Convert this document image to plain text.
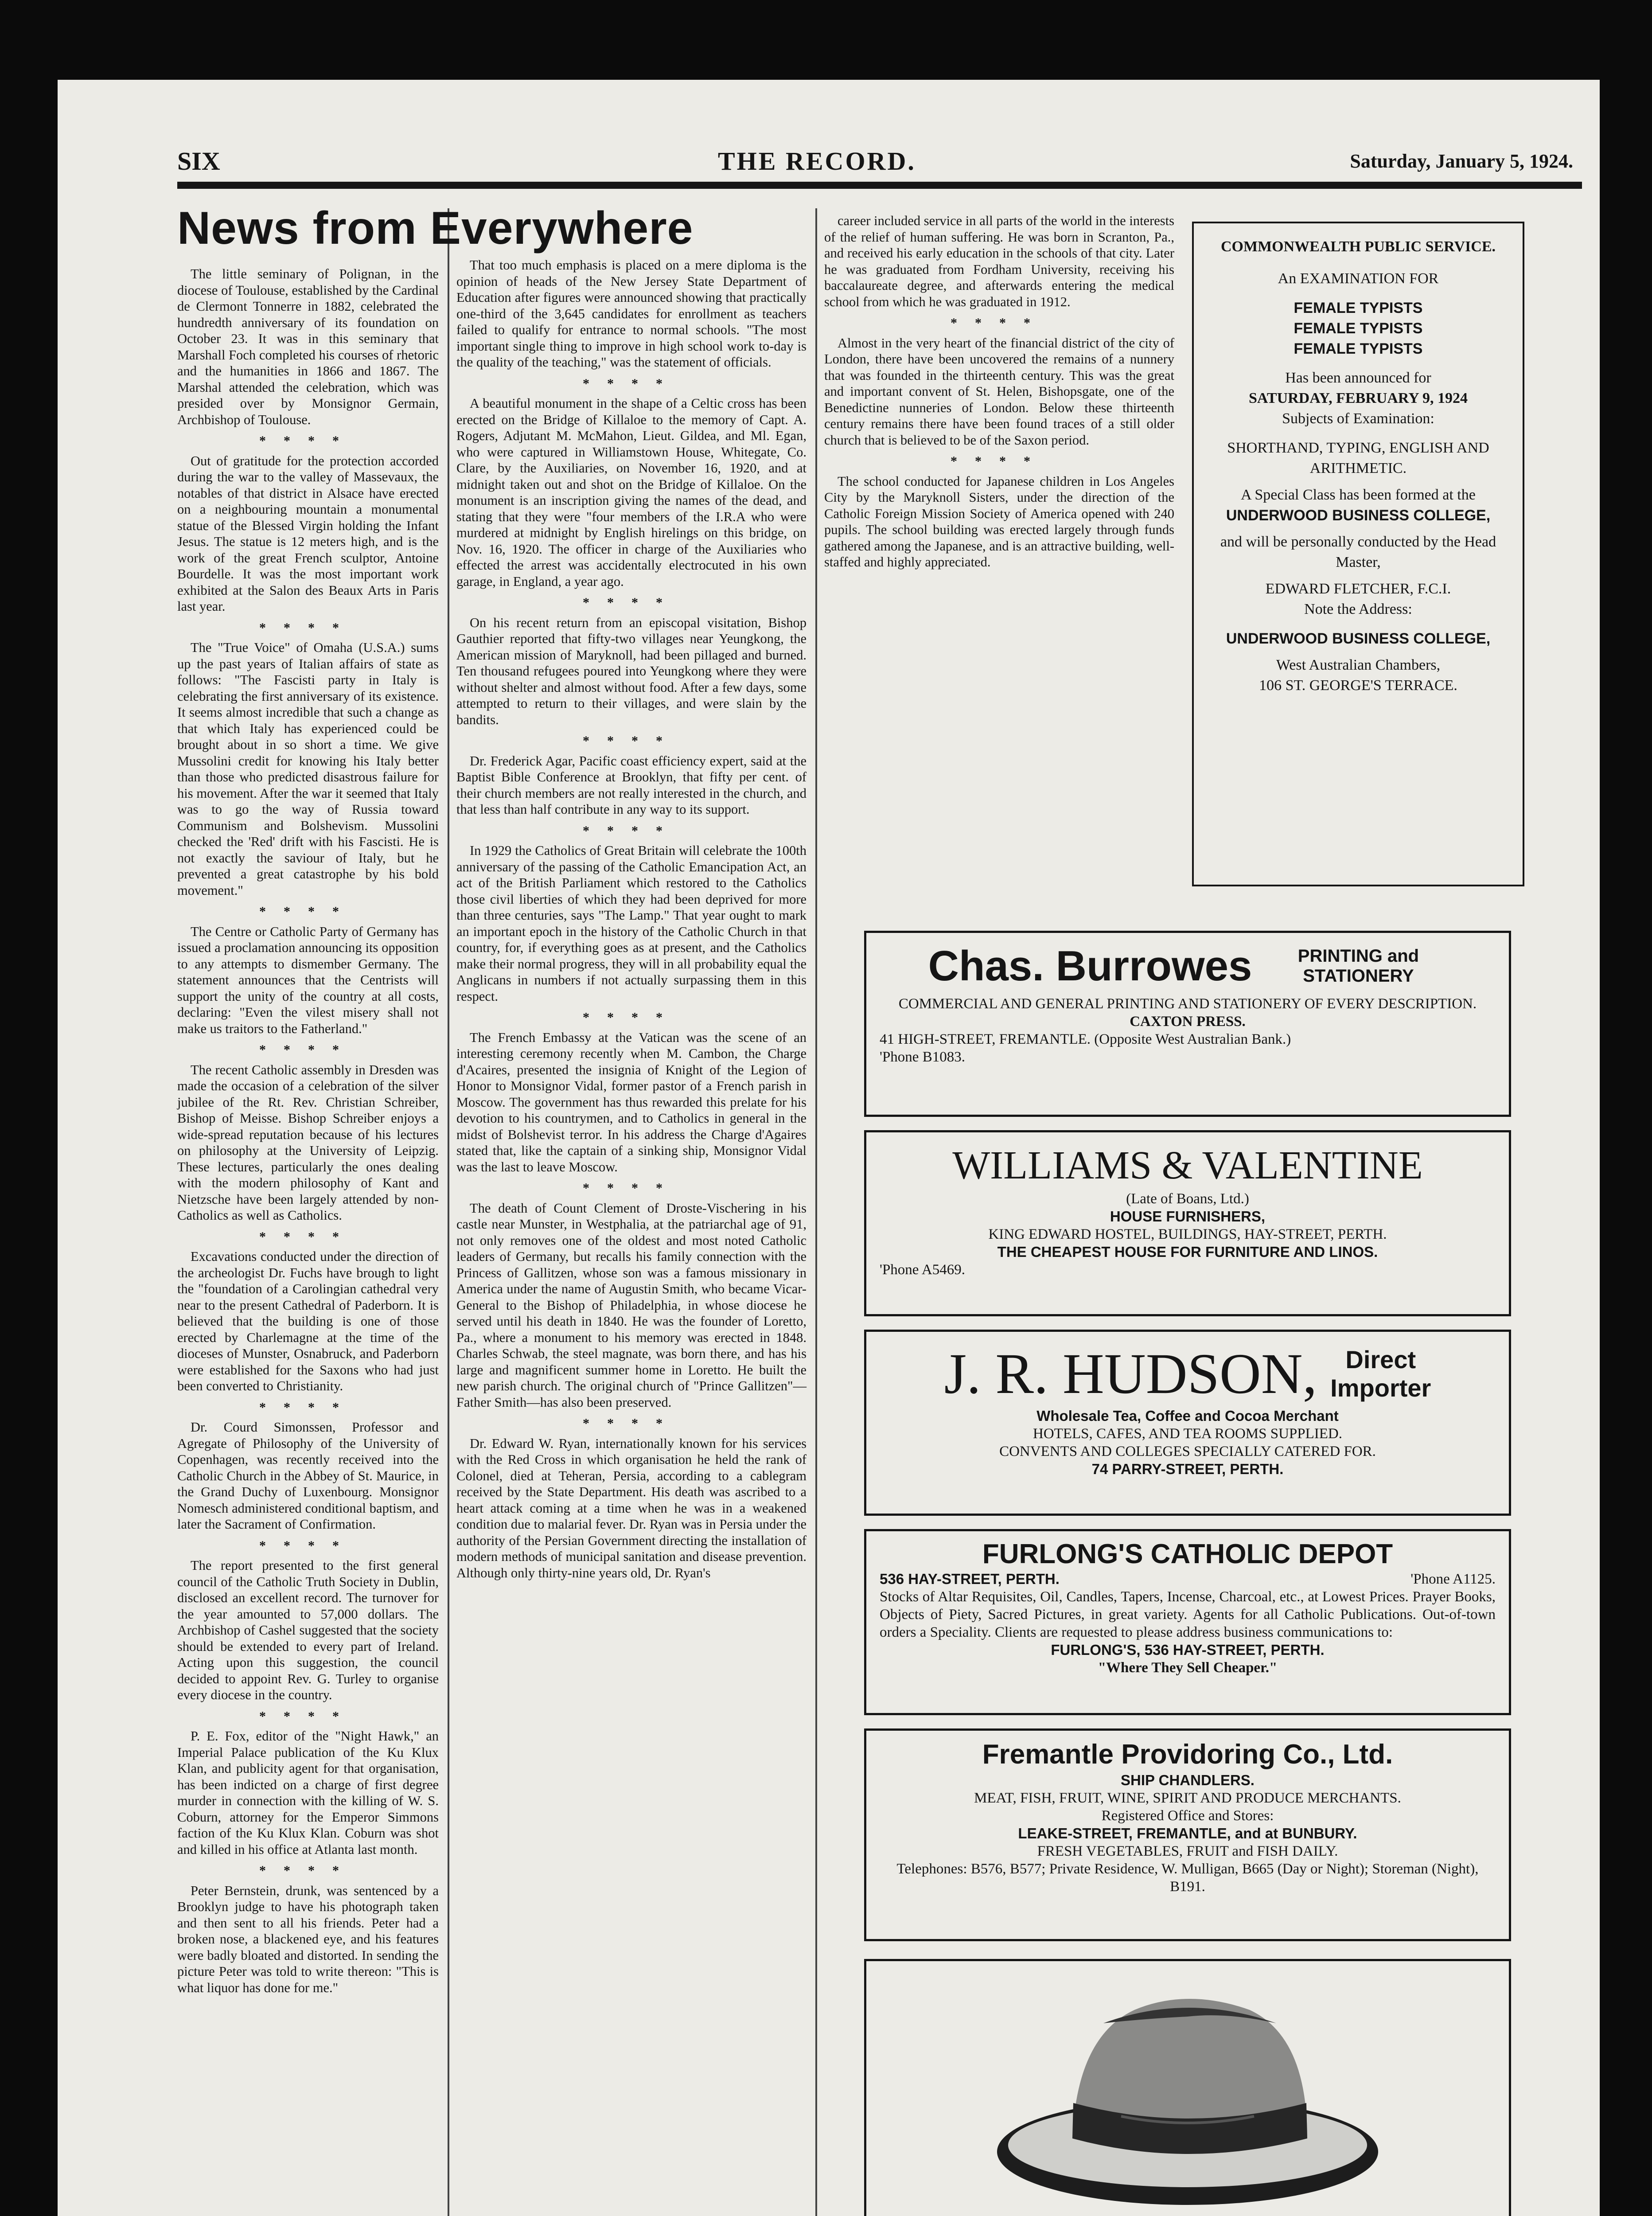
SIX	THE RECORD.	Saturday, January 5, 1924.
News from Everywhere

The little seminary of Polignan, in the diocese of Toulouse, established by the Cardinal de Clermont Tonnerre in 1882, celebrated the hundredth anniversary of its foundation on October 23. It was in this seminary that Marshall Foch completed his courses of rhetoric and the humanities in 1866 and 1867. The Marshal attended the celebration, which was presided over by Monsignor Germain, Archbishop of Toulouse.

****

Out of gratitude for the protection accorded during the war to the valley of Massevaux, the notables of that district in Alsace have erected on a neighbouring mountain a monumental statue of the Blessed Virgin holding the Infant Jesus. The statue is 12 meters high, and is the work of the great French sculptor, Antoine Bourdelle. It was the most important work exhibited at the Salon des Beaux Arts in Paris last year.

****

The "True Voice" of Omaha (U.S.A.) sums up the past years of Italian affairs of state as follows: "The Fascisti party in Italy is celebrating the first anniversary of its existence. It seems almost incredible that such a change as that which Italy has experienced could be brought about in so short a time. We give Mussolini credit for knowing his Italy better than those who predicted disastrous failure for his movement. After the war it seemed that Italy was to go the way of Russia toward Communism and Bolshevism. Mussolini checked the 'Red' drift with his Fascisti. He is not exactly the saviour of Italy, but he prevented a great catastrophe by his bold movement."

****

The Centre or Catholic Party of Germany has issued a proclamation announcing its opposition to any attempts to dismember Germany. The statement announces that the Centrists will support the unity of the country at all costs, declaring: "Even the vilest misery shall not make us traitors to the Fatherland."

****

The recent Catholic assembly in Dresden was made the occasion of a celebration of the silver jubilee of the Rt. Rev. Christian Schreiber, Bishop of Meisse. Bishop Schreiber enjoys a wide-spread reputation because of his lectures on philosophy at the University of Leipzig. These lectures, particularly the ones dealing with the modern philosophy of Kant and Nietzsche have been largely attended by non-Catholics as well as Catholics.

****

Excavations conducted under the direction of the archeologist Dr. Fuchs have brough to light the "foundation of a Carolingian cathedral very near to the present Cathedral of Paderborn. It is believed that the building is one of those erected by Charlemagne at the time of the dioceses of Munster, Osnabruck, and Paderborn were established for the Saxons who had just been converted to Christianity.

****

Dr. Courd Simonssen, Professor and Agregate of Philosophy of the University of Copenhagen, was recently received into the Catholic Church in the Abbey of St. Maurice, in the Grand Duchy of Luxenbourg. Monsignor Nomesch administered conditional baptism, and later the Sacrament of Confirmation.

****

The report presented to the first general council of the Catholic Truth Society in Dublin, disclosed an excellent record. The turnover for the year amounted to 57,000 dollars. The Archbishop of Cashel suggested that the society should be extended to every part of Ireland. Acting upon this suggestion, the council decided to appoint Rev. G. Turley to organise every diocese in the country.

****

P. E. Fox, editor of the "Night Hawk," an Imperial Palace publication of the Ku Klux Klan, and publicity agent for that organisation, has been indicted on a charge of first degree murder in connection with the killing of W. S. Coburn, attorney for the Emperor Simmons faction of the Ku Klux Klan. Coburn was shot and killed in his office at Atlanta last month.

****

Peter Bernstein, drunk, was sentenced by a Brooklyn judge to have his photograph taken and then sent to all his friends. Peter had a broken nose, a blackened eye, and his features were badly bloated and distorted. In sending the picture Peter was told to write thereon: "This is what liquor has done for me."

That too much emphasis is placed on a mere diploma is the opinion of heads of the New Jersey State Department of Education after figures were announced showing that practically one-third of the 3,645 candidates for enrollment as teachers failed to qualify for entrance to normal schools. "The most important single thing to improve in high school work to-day is the quality of the teaching," was the statement of officials.

****

A beautiful monument in the shape of a Celtic cross has been erected on the Bridge of Killaloe to the memory of Capt. A. Rogers, Adjutant M. McMahon, Lieut. Gildea, and Ml. Egan, who were captured in Williamstown House, Whitegate, Co. Clare, by the Auxiliaries, on November 16, 1920, and at midnight taken out and shot on the Bridge of Killaloe. On the monument is an inscription giving the names of the dead, and stating that they were "four members of the I.R.A who were murdered at midnight by English hirelings on this bridge, on Nov. 16, 1920. The officer in charge of the Auxiliaries who effected the arrest was accidentally electrocuted in his own garage, in England, a year ago.

****

On his recent return from an episcopal visitation, Bishop Gauthier reported that fifty-two villages near Yeungkong, the American mission of Maryknoll, had been pillaged and burned. Ten thousand refugees poured into Yeungkong where they were without shelter and almost without food. After a few days, some attempted to return to their villages, and were slain by the bandits.

****

Dr. Frederick Agar, Pacific coast efficiency expert, said at the Baptist Bible Conference at Brooklyn, that fifty per cent. of their church members are not really interested in the church, and that less than half contribute in any way to its support.

****

In 1929 the Catholics of Great Britain will celebrate the 100th anniversary of the passing of the Catholic Emancipation Act, an act of the British Parliament which restored to the Catholics those civil liberties of which they had been deprived for more than three centuries, says "The Lamp." That year ought to mark an important epoch in the history of the Catholic Church in that country, for, if everything goes as at present, and the Catholics make their normal progress, they will in all probability equal the Anglicans in numbers if not actually surpassing them in this respect.

****

The French Embassy at the Vatican was the scene of an interesting ceremony recently when M. Cambon, the Charge d'Acaires, presented the insignia of Knight of the Legion of Honor to Monsignor Vidal, former pastor of a French parish in Moscow. The government has thus rewarded this prelate for his devotion to his countrymen, and to Catholics in general in the midst of Bolshevist terror. In his address the Charge d'Agaires stated that, like the captain of a sinking ship, Monsignor Vidal was the last to leave Moscow.

****

The death of Count Clement of Droste-Vischering in his castle near Munster, in Westphalia, at the patriarchal age of 91, not only removes one of the oldest and most noted Catholic leaders of Germany, but recalls his family connection with the Princess of Gallitzen, whose son was a famous missionary in America under the name of Augustin Smith, who became Vicar-General to the Bishop of Philadelphia, in whose diocese he served until his death in 1840. He was the founder of Loretto, Pa., where a monument to his memory was erected in 1848. Charles Schwab, the steel magnate, was born there, and has his large and magnificent summer home in Loretto. He built the new parish church. The original church of "Prince Gallitzen"—Father Smith—has also been preserved.

****

Dr. Edward W. Ryan, internationally known for his services with the Red Cross in which organisation he held the rank of Colonel, died at Teheran, Persia, according to a cablegram received by the State Department. His death was ascribed to a heart attack coming at a time when he was in a weakened condition due to malarial fever. Dr. Ryan was in Persia under the authority of the Persian Government directing the installation of modern methods of municipal sanitation and disease prevention. Although only thirty-nine years old, Dr. Ryan's

career included service in all parts of the world in the interests of the relief of human suffering. He was born in Scranton, Pa., and received his early education in the schools of that city. Later he was graduated from Fordham University, receiving his baccalaureate degree, and afterwards entering the medical school from which he was graduated in 1912.

****

Almost in the very heart of the financial district of the city of London, there have been uncovered the remains of a nunnery that was founded in the thirteenth century. This was the great and important convent of St. Helen, Bishopsgate, one of the Benedictine nunneries of London. Below these thirteenth century remains there have been found traces of a still older church that is believed to be of the Saxon period.

****

The school conducted for Japanese children in Los Angeles City by the Maryknoll Sisters, under the direction of the Catholic Foreign Mission Society of America opened with 240 pupils. The school building was erected largely through funds gathered among the Japanese, and is an attractive building, well-staffed and highly appreciated.

COMMONWEALTH PUBLIC SERVICE.
An EXAMINATION FOR
FEMALE TYPISTS
FEMALE TYPISTS
FEMALE TYPISTS
Has been announced for
SATURDAY, FEBRUARY 9, 1924
Subjects of Examination:
SHORTHAND, TYPING, ENGLISH AND ARITHMETIC.
A Special Class has been formed at the
UNDERWOOD BUSINESS COLLEGE,
and will be personally conducted by the Head Master,
EDWARD FLETCHER, F.C.I.
Note the Address:
UNDERWOOD BUSINESS COLLEGE,
West Australian Chambers,
106 ST. GEORGE'S TERRACE.
Chas. Burrowes	PRINTING and STATIONERY
COMMERCIAL AND GENERAL PRINTING AND STATIONERY OF EVERY DESCRIPTION.
CAXTON PRESS.
41 HIGH-STREET, FREMANTLE. (Opposite West Australian Bank.)
'Phone B1083.
WILLIAMS & VALENTINE
(Late of Boans, Ltd.)
HOUSE FURNISHERS,
KING EDWARD HOSTEL, BUILDINGS, HAY-STREET, PERTH.
THE CHEAPEST HOUSE FOR FURNITURE AND LINOS.
'Phone A5469.
J. R. HUDSON,	Direct
Importer
Wholesale Tea, Coffee and Cocoa Merchant
HOTELS, CAFES, AND TEA ROOMS SUPPLIED.
CONVENTS AND COLLEGES SPECIALLY CATERED FOR.
74 PARRY-STREET, PERTH.
FURLONG'S CATHOLIC DEPOT
536 HAY-STREET, PERTH.	'Phone A1125.
Stocks of Altar Requisites, Oil, Candles, Tapers, Incense, Charcoal, etc., at Lowest Prices. Prayer Books, Objects of Piety, Sacred Pictures, in great variety. Agents for all Catholic Publications. Out-of-town orders a Speciality. Clients are requested to please address business communications to:
FURLONG'S, 536 HAY-STREET, PERTH.
"Where They Sell Cheaper."
Fremantle Providoring Co., Ltd.
SHIP CHANDLERS.
MEAT, FISH, FRUIT, WINE, SPIRIT AND PRODUCE MERCHANTS.
Registered Office and Stores:
LEAKE-STREET, FREMANTLE, and at BUNBURY.
FRESH VEGETABLES, FRUIT and FISH DAILY.
Telephones: B576, B577; Private Residence, W. Mulligan, B665 (Day or Night); Storeman (Night), B191.
